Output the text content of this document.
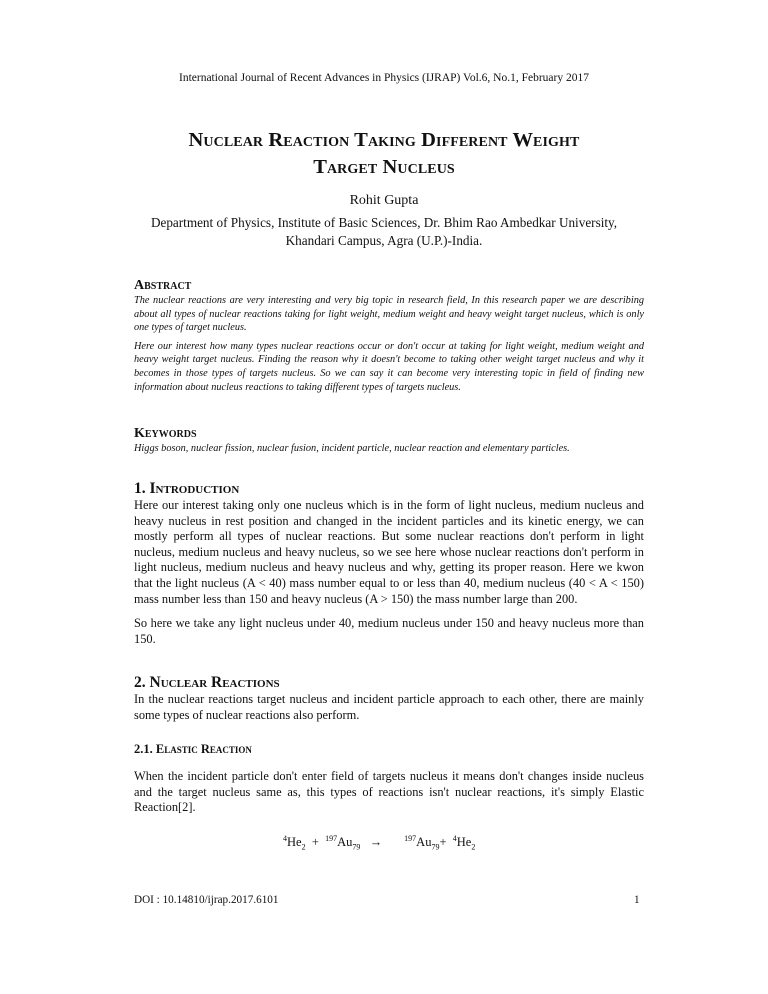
International Journal of Recent Advances in Physics (IJRAP) Vol.6, No.1, February 2017
Nuclear Reaction Taking Different Weight
Target Nucleus
Rohit Gupta
Department of Physics, Institute of Basic Sciences, Dr. Bhim Rao Ambedkar University,
Khandari Campus, Agra (U.P.)-India.
Abstract

The nuclear reactions are very interesting and very big topic in research field, In this research paper we are describing about all types of nuclear reactions taking for light weight, medium weight and heavy weight target nucleus, which is only one types of target nucleus.

Here our interest how many types nuclear reactions occur or don't occur at taking for light weight, medium weight and heavy weight target nucleus. Finding the reason why it doesn't become to taking other weight target nucleus and why it becomes in those types of targets nucleus. So we can say it can become very interesting topic in field of finding new information about nucleus reactions to taking different types of targets nucleus.

Keywords

Higgs boson, nuclear fission, nuclear fusion, incident particle, nuclear reaction and elementary particles.

1. Introduction

Here our interest taking only one nucleus which is in the form of light nucleus, medium nucleus and heavy nucleus in rest position and changed in the incident particles and its kinetic energy, we can mostly perform all types of nuclear reactions. But some nuclear reactions don't perform in light nucleus, medium nucleus and heavy nucleus, so we see here whose nuclear reactions don't perform in light nucleus, medium nucleus and heavy nucleus and why, getting its proper reason. Here we kwon that the light nucleus (A < 40) mass number equal to or less than 40, medium nucleus (40 < A < 150) mass number less than 150 and heavy nucleus (A > 150) the mass number large than 200.

So here we take any light nucleus under 40, medium nucleus under 150 and heavy nucleus more than 150.

2. Nuclear Reactions

In the nuclear reactions target nucleus and incident particle approach to each other, there are mainly some types of nuclear reactions also perform.

2.1. Elastic Reaction

When the incident particle don't enter field of targets nucleus it means don't changes inside nucleus and the target nucleus same as, this types of reactions isn't nuclear reactions, it's simply Elastic Reaction[2].

$^4He_2 + ^{197}Au_{79}$ →	$^{197}Au_{79}+ ^4He_2$
DOI : 10.14810/ijrap.2017.6101	1
